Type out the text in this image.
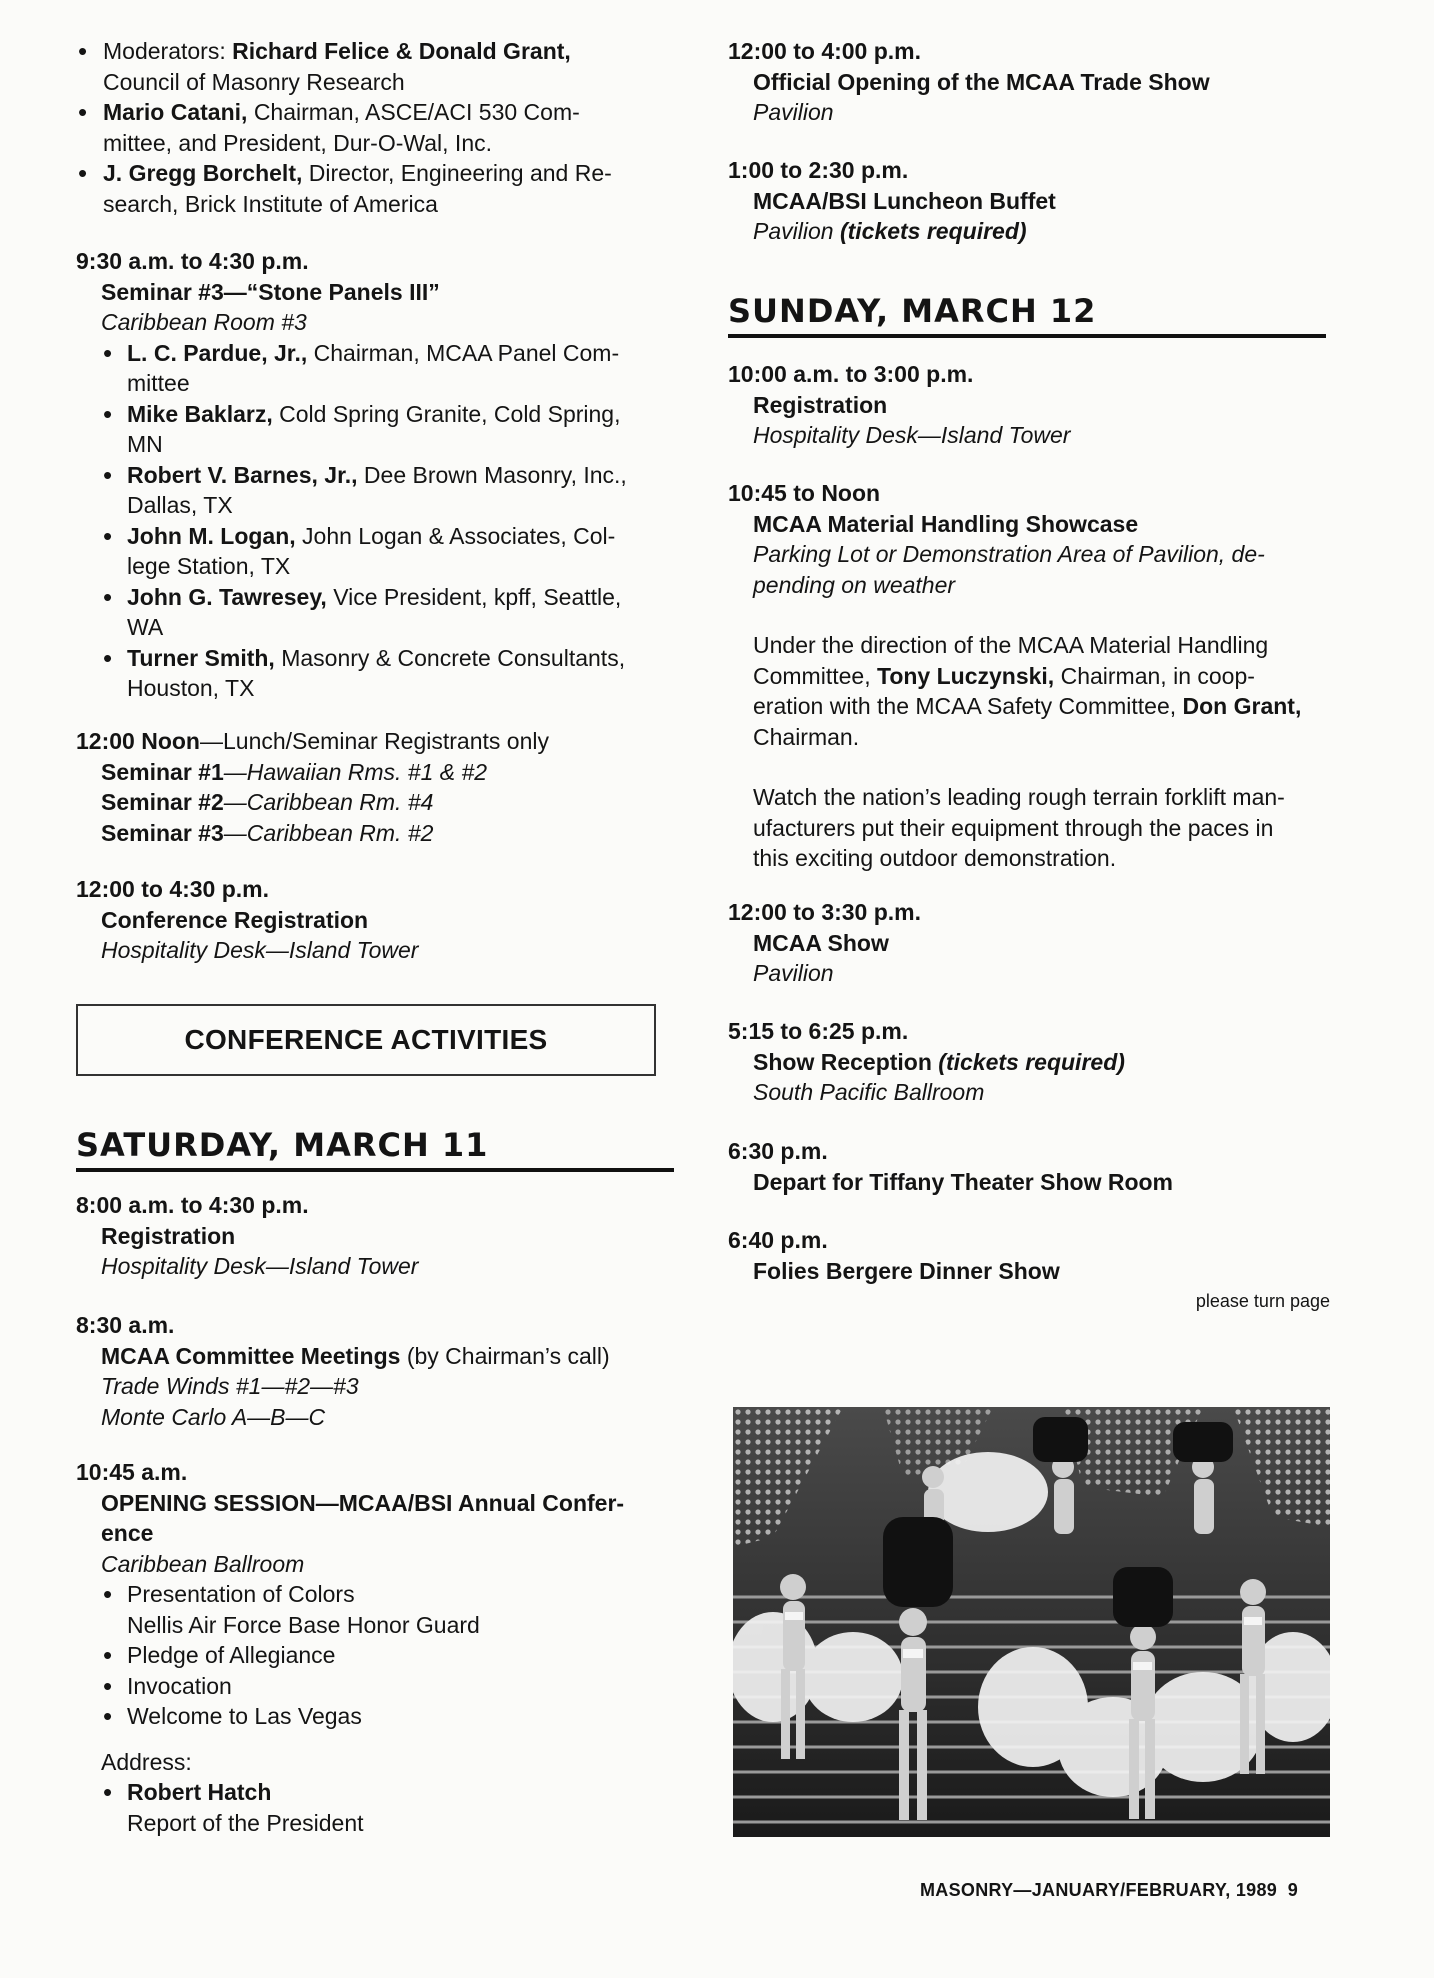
• Moderators: Richard Felice & Donald Grant,
Council of Masonry Research
• Mario Catani, Chairman, ASCE/ACI 530 Com-
mittee, and President, Dur-O-Wal, Inc.
• J. Gregg Borchelt, Director, Engineering and Re-
search, Brick Institute of America
9:30 a.m. to 4:30 p.m.
Seminar #3—“Stone Panels III”
Caribbean Room #3
• L. C. Pardue, Jr., Chairman, MCAA Panel Com-
mittee
• Mike Baklarz, Cold Spring Granite, Cold Spring,
MN
• Robert V. Barnes, Jr., Dee Brown Masonry, Inc.,
Dallas, TX
• John M. Logan, John Logan & Associates, Col-
lege Station, TX
• John G. Tawresey, Vice President, kpff, Seattle,
WA
• Turner Smith, Masonry & Concrete Consultants,
Houston, TX
12:00 Noon—Lunch/Seminar Registrants only
Seminar #1—Hawaiian Rms. #1 & #2
Seminar #2—Caribbean Rm. #4
Seminar #3—Caribbean Rm. #2
12:00 to 4:30 p.m.
Conference Registration
Hospitality Desk—Island Tower
CONFERENCE ACTIVITIES
SATURDAY, MARCH 11
8:00 a.m. to 4:30 p.m.
Registration
Hospitality Desk—Island Tower
8:30 a.m.
MCAA Committee Meetings (by Chairman’s call)
Trade Winds #1—#2—#3
Monte Carlo A—B—C
10:45 a.m.
OPENING SESSION—MCAA/BSI Annual Confer-
ence
Caribbean Ballroom
• Presentation of Colors
Nellis Air Force Base Honor Guard
• Pledge of Allegiance
• Invocation
• Welcome to Las Vegas
Address:
• Robert Hatch
Report of the President
12:00 to 4:00 p.m.
Official Opening of the MCAA Trade Show
Pavilion
1:00 to 2:30 p.m.
MCAA/BSI Luncheon Buffet
Pavilion (tickets required)
SUNDAY, MARCH 12
10:00 a.m. to 3:00 p.m.
Registration
Hospitality Desk—Island Tower
10:45 to Noon
MCAA Material Handling Showcase
Parking Lot or Demonstration Area of Pavilion, de-
pending on weather
Under the direction of the MCAA Material Handling
Committee, Tony Luczynski, Chairman, in coop-
eration with the MCAA Safety Committee, Don Grant,
Chairman.
Watch the nation’s leading rough terrain forklift man-
ufacturers put their equipment through the paces in
this exciting outdoor demonstration.
12:00 to 3:30 p.m.
MCAA Show
Pavilion
5:15 to 6:25 p.m.
Show Reception (tickets required)
South Pacific Ballroom
6:30 p.m.
Depart for Tiffany Theater Show Room
6:40 p.m.
Folies Bergere Dinner Show
please turn page
MASONRY—JANUARY/FEBRUARY, 1989 9
